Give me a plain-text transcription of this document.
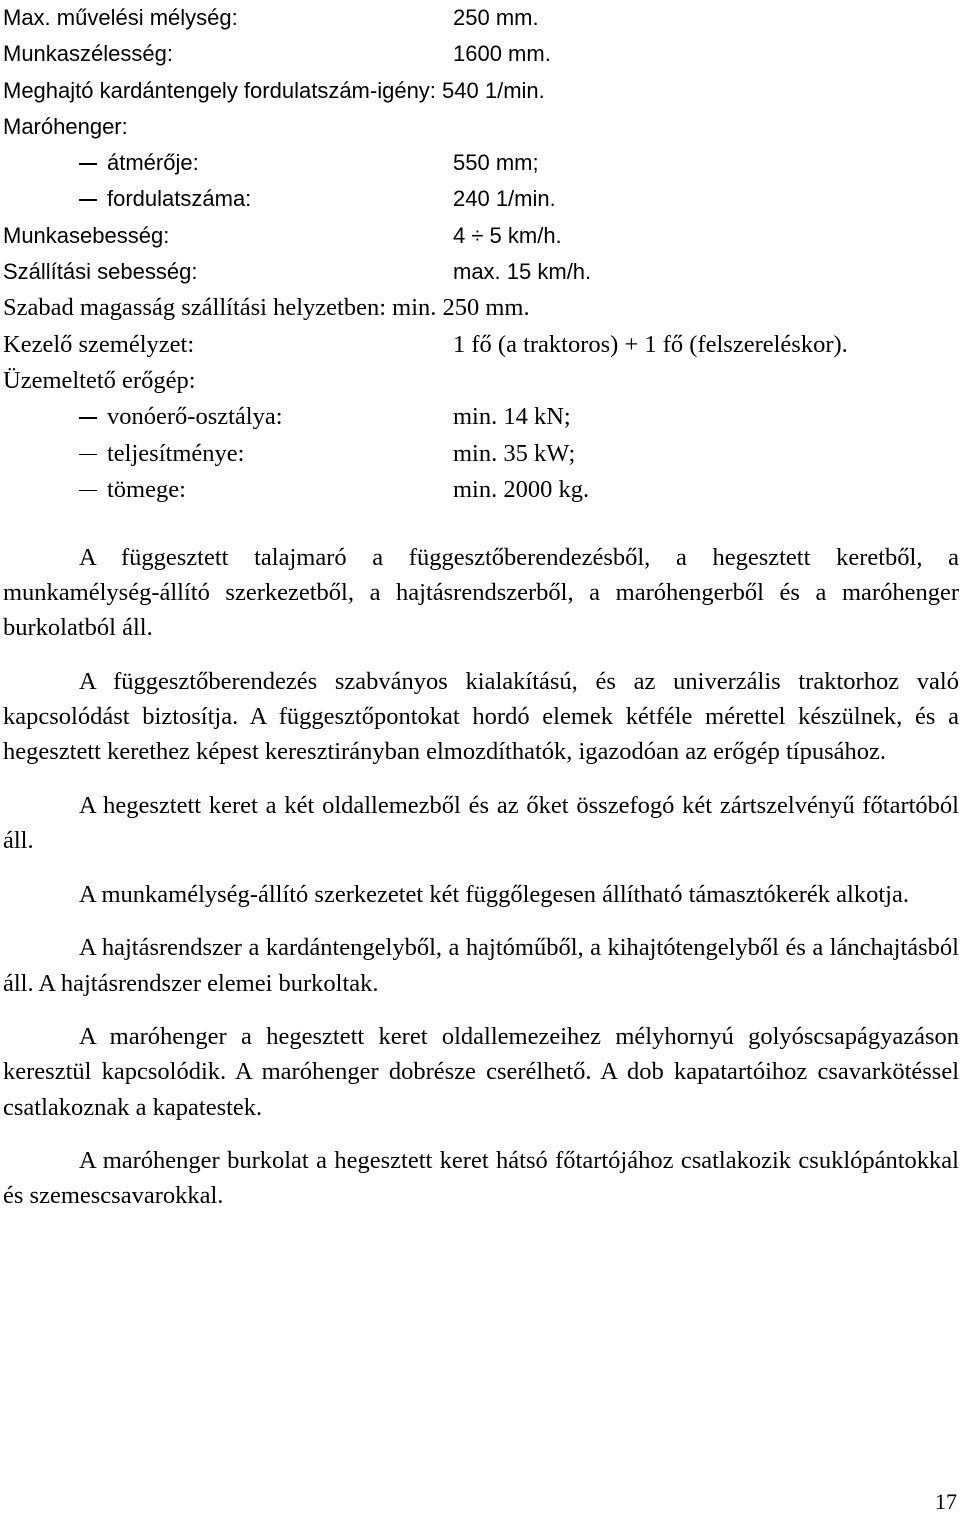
Max. művelési mélység:	250 mm.
Munkaszélesség:	1600 mm.
Meghajtó kardántengely fordulatszám-igény: 540 1/min.
Maróhenger:
átmérője:	550 mm;
fordulatszáma:	240 1/min.
Munkasebesség:	4 ÷ 5 km/h.
Szállítási sebesség:	max. 15 km/h.
Szabad magasság szállítási helyzetben: min. 250 mm.
Kezelő személyzet:	1 fő (a traktoros) + 1 fő (felszereléskor).
Üzemeltető erőgép:
vonóerő-osztálya:	min. 14 kN;
teljesítménye:	min. 35 kW;
tömege:	min. 2000 kg.

A függesztett talajmaró a függesztőberendezésből, a hegesztett keretből, a munkamélység-állító szerkezetből, a hajtásrendszerből, a maróhengerből és a maróhenger burkolatból áll.

A függesztőberendezés szabványos kialakítású, és az univerzális traktorhoz való kapcsolódást biztosítja. A függesztőpontokat hordó elemek kétféle mérettel készülnek, és a hegesztett kerethez képest keresztirányban elmozdíthatók, igazodóan az erőgép típusához.

A hegesztett keret a két oldallemezből és az őket összefogó két zártszelvényű főtartóból áll.

A munkamélység-állító szerkezetet két függőlegesen állítható támasztókerék alkotja.

A hajtásrendszer a kardántengelyből, a hajtóműből, a kihajtótengelyből és a lánchajtásból áll. A hajtásrendszer elemei burkoltak.

A maróhenger a hegesztett keret oldallemezeihez mélyhornyú golyóscsapágyazáson keresztül kapcsolódik. A maróhenger dobrésze cserélhető. A dob kapatartóihoz csavarkötéssel csatlakoznak a kapatestek.

A maróhenger burkolat a hegesztett keret hátsó főtartójához csatlakozik csuklópántokkal és szemescsavarokkal.

17
